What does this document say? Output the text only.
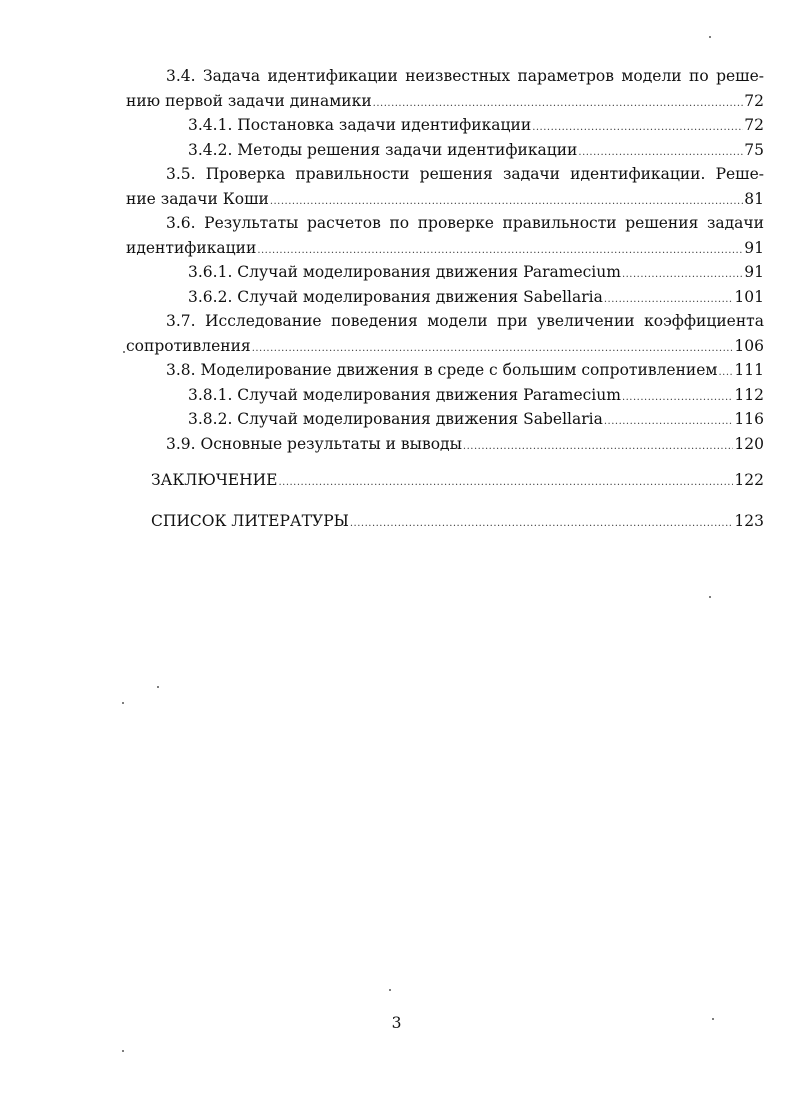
3.4. Задача идентификации неизвестных параметров модели по реше-
нию первой задачи динамики .....	72
3.4.1. Постановка задачи идентификации .....	72
3.4.2. Методы решения задачи идентификации .....	75
3.5. Проверка правильности решения задачи идентификации. Реше-
ние задачи Коши .....	81
3.6. Результаты расчетов по проверке правильности решения задачи
идентификации .....	91
3.6.1. Случай моделирования движения Paramecium .....	91
3.6.2. Случай моделирования движения Sabellaria .....	101
3.7. Исследование поведения модели при увеличении коэффициента
сопротивления .....	106
3.8. Моделирование движения в среде с большим сопротивлением ..... 111
3.8.1. Случай моделирования движения Paramecium .....	112
3.8.2. Случай моделирования движения Sabellaria .....	116
3.9. Основные результаты и выводы .....	120
ЗАКЛЮЧЕНИЕ .....	122
СПИСОК ЛИТЕРАТУРЫ .....	123
3
